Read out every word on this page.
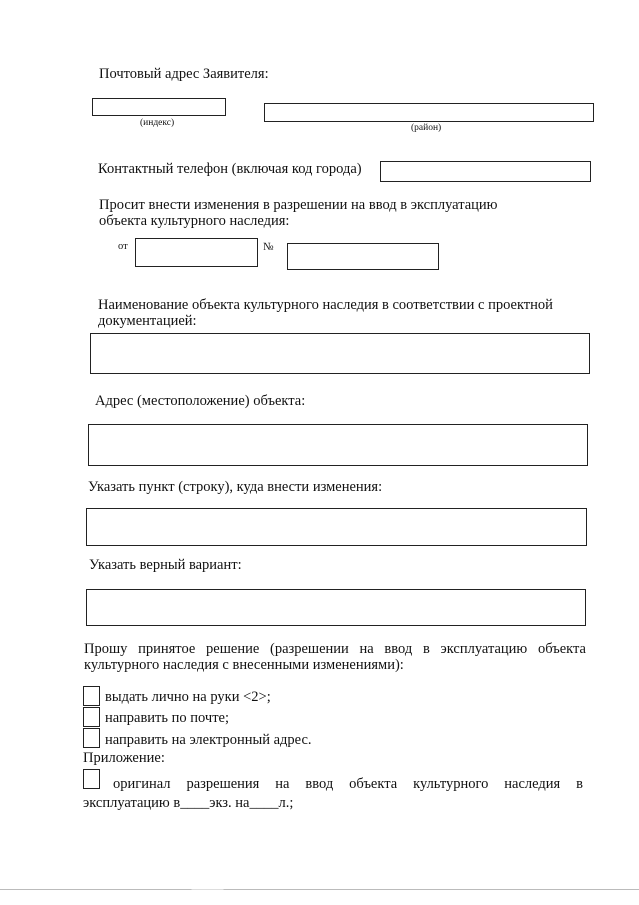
Почтовый адрес Заявителя:
(индекс)	(район)
Контактный телефон (включая код города)
Просит внести изменения в разрешении на ввод в эксплуатацию
объекта культурного наследия:
от	№
Наименование объекта культурного наследия в соответствии с проектной
документацией:
Адрес (местоположение) объекта:
Указать пункт (строку), куда внести изменения:
Указать верный вариант:
Прошу принятое решение (разрешении на ввод в эксплуатацию объекта
культурного наследия с внесенными изменениями):
выдать лично на руки <2>;
направить по почте;
направить на электронный адрес.
Приложение:
оригинал разрешения на ввод объекта культурного наследия в
эксплуатацию в____экз. на____л.;
